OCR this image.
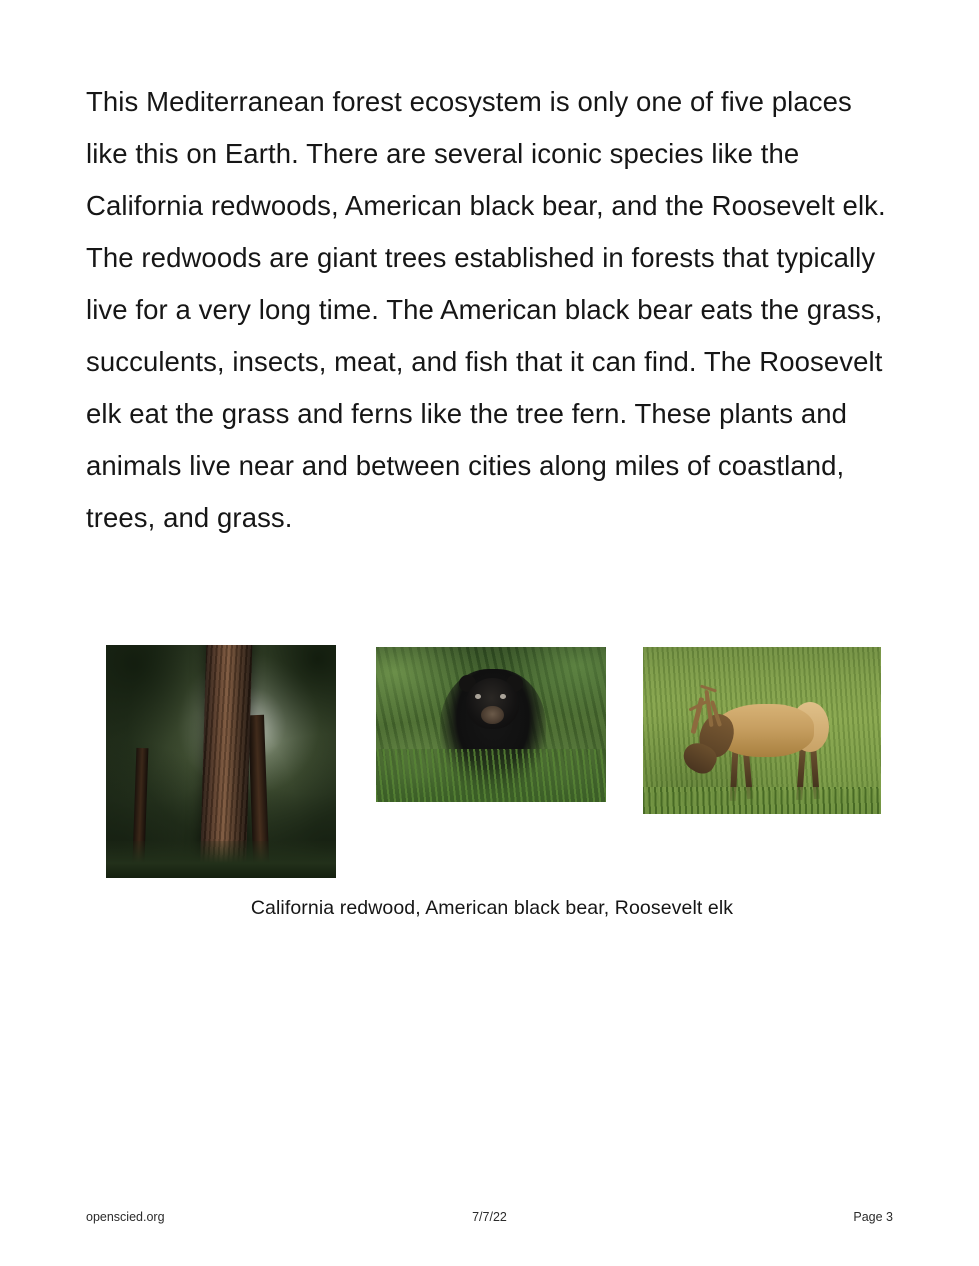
This Mediterranean forest ecosystem is only one of five places like this on Earth. There are several iconic species like the California redwoods, American black bear, and the Roosevelt elk. The redwoods are giant trees established in forests that typically live for a very long time. The American black bear eats the grass, succulents, insects, meat, and fish that it can find. The Roosevelt elk eat the grass and ferns like the tree fern. These plants and animals live near and between cities along miles of coastland, trees, and grass.

California redwood, American black bear, Roosevelt elk
openscied.org	7/7/22	Page 3
